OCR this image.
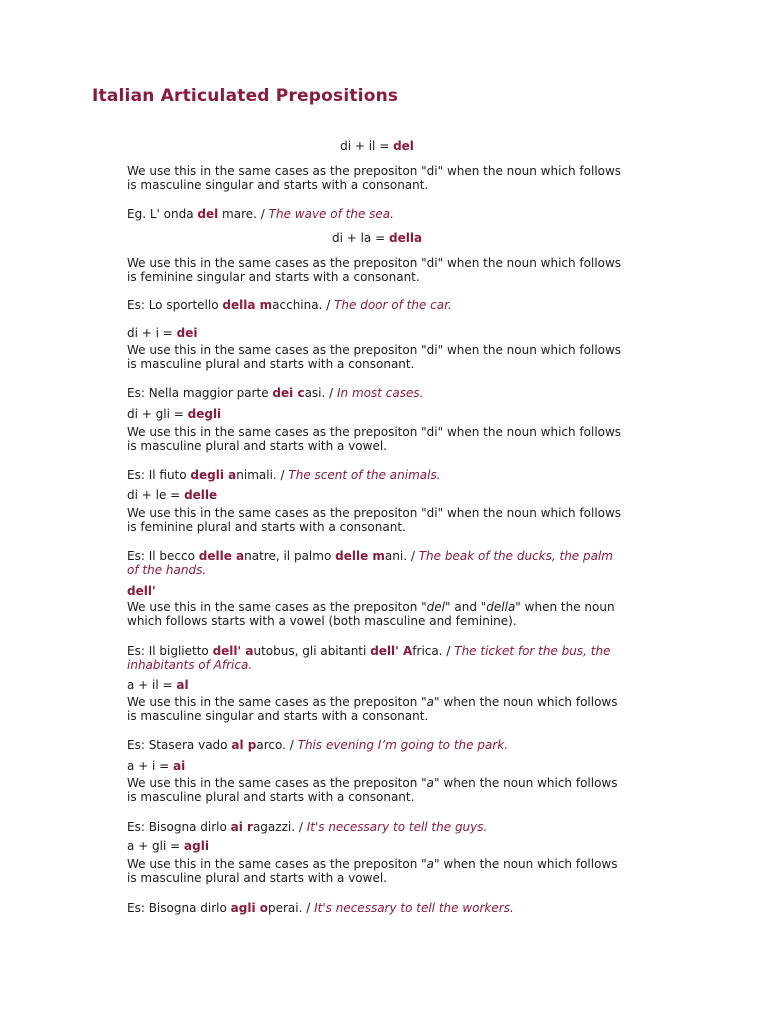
Italian Articulated Prepositions
di + il = del
We use this in the same cases as the prepositon "di" when the noun which follows is masculine singular and starts with a consonant.
Eg. L' onda del mare. / The wave of the sea.
di + la = della
We use this in the same cases as the prepositon "di" when the noun which follows is feminine singular and starts with a consonant.
Es: Lo sportello della macchina. / The door of the car.
di + i = dei
We use this in the same cases as the prepositon "di" when the noun which follows is masculine plural and starts with a consonant.
Es: Nella maggior parte dei casi. / In most cases.
di + gli = degli
We use this in the same cases as the prepositon "di" when the noun which follows is masculine plural and starts with a vowel.
Es: Il fiuto degli animali. / The scent of the animals.
di + le = delle
We use this in the same cases as the prepositon "di" when the noun which follows is feminine plural and starts with a consonant.
Es: Il becco delle anatre, il palmo delle mani. / The beak of the ducks, the palm of the hands.
dell'
We use this in the same cases as the prepositon "del" and "della" when the noun which follows starts with a vowel (both masculine and feminine).
Es: Il biglietto dell' autobus, gli abitanti dell' Africa. / The ticket for the bus, the inhabitants of Africa.
a + il = al
We use this in the same cases as the prepositon "a" when the noun which follows is masculine singular and starts with a consonant.
Es: Stasera vado al parco. / This evening I’m going to the park.
a + i = ai
We use this in the same cases as the prepositon "a" when the noun which follows is masculine plural and starts with a consonant.
Es: Bisogna dirlo ai ragazzi. / It's necessary to tell the guys.
a + gli = agli
We use this in the same cases as the prepositon "a" when the noun which follows is masculine plural and starts with a vowel.
Es: Bisogna dirlo agli operai. / It's necessary to tell the workers.
